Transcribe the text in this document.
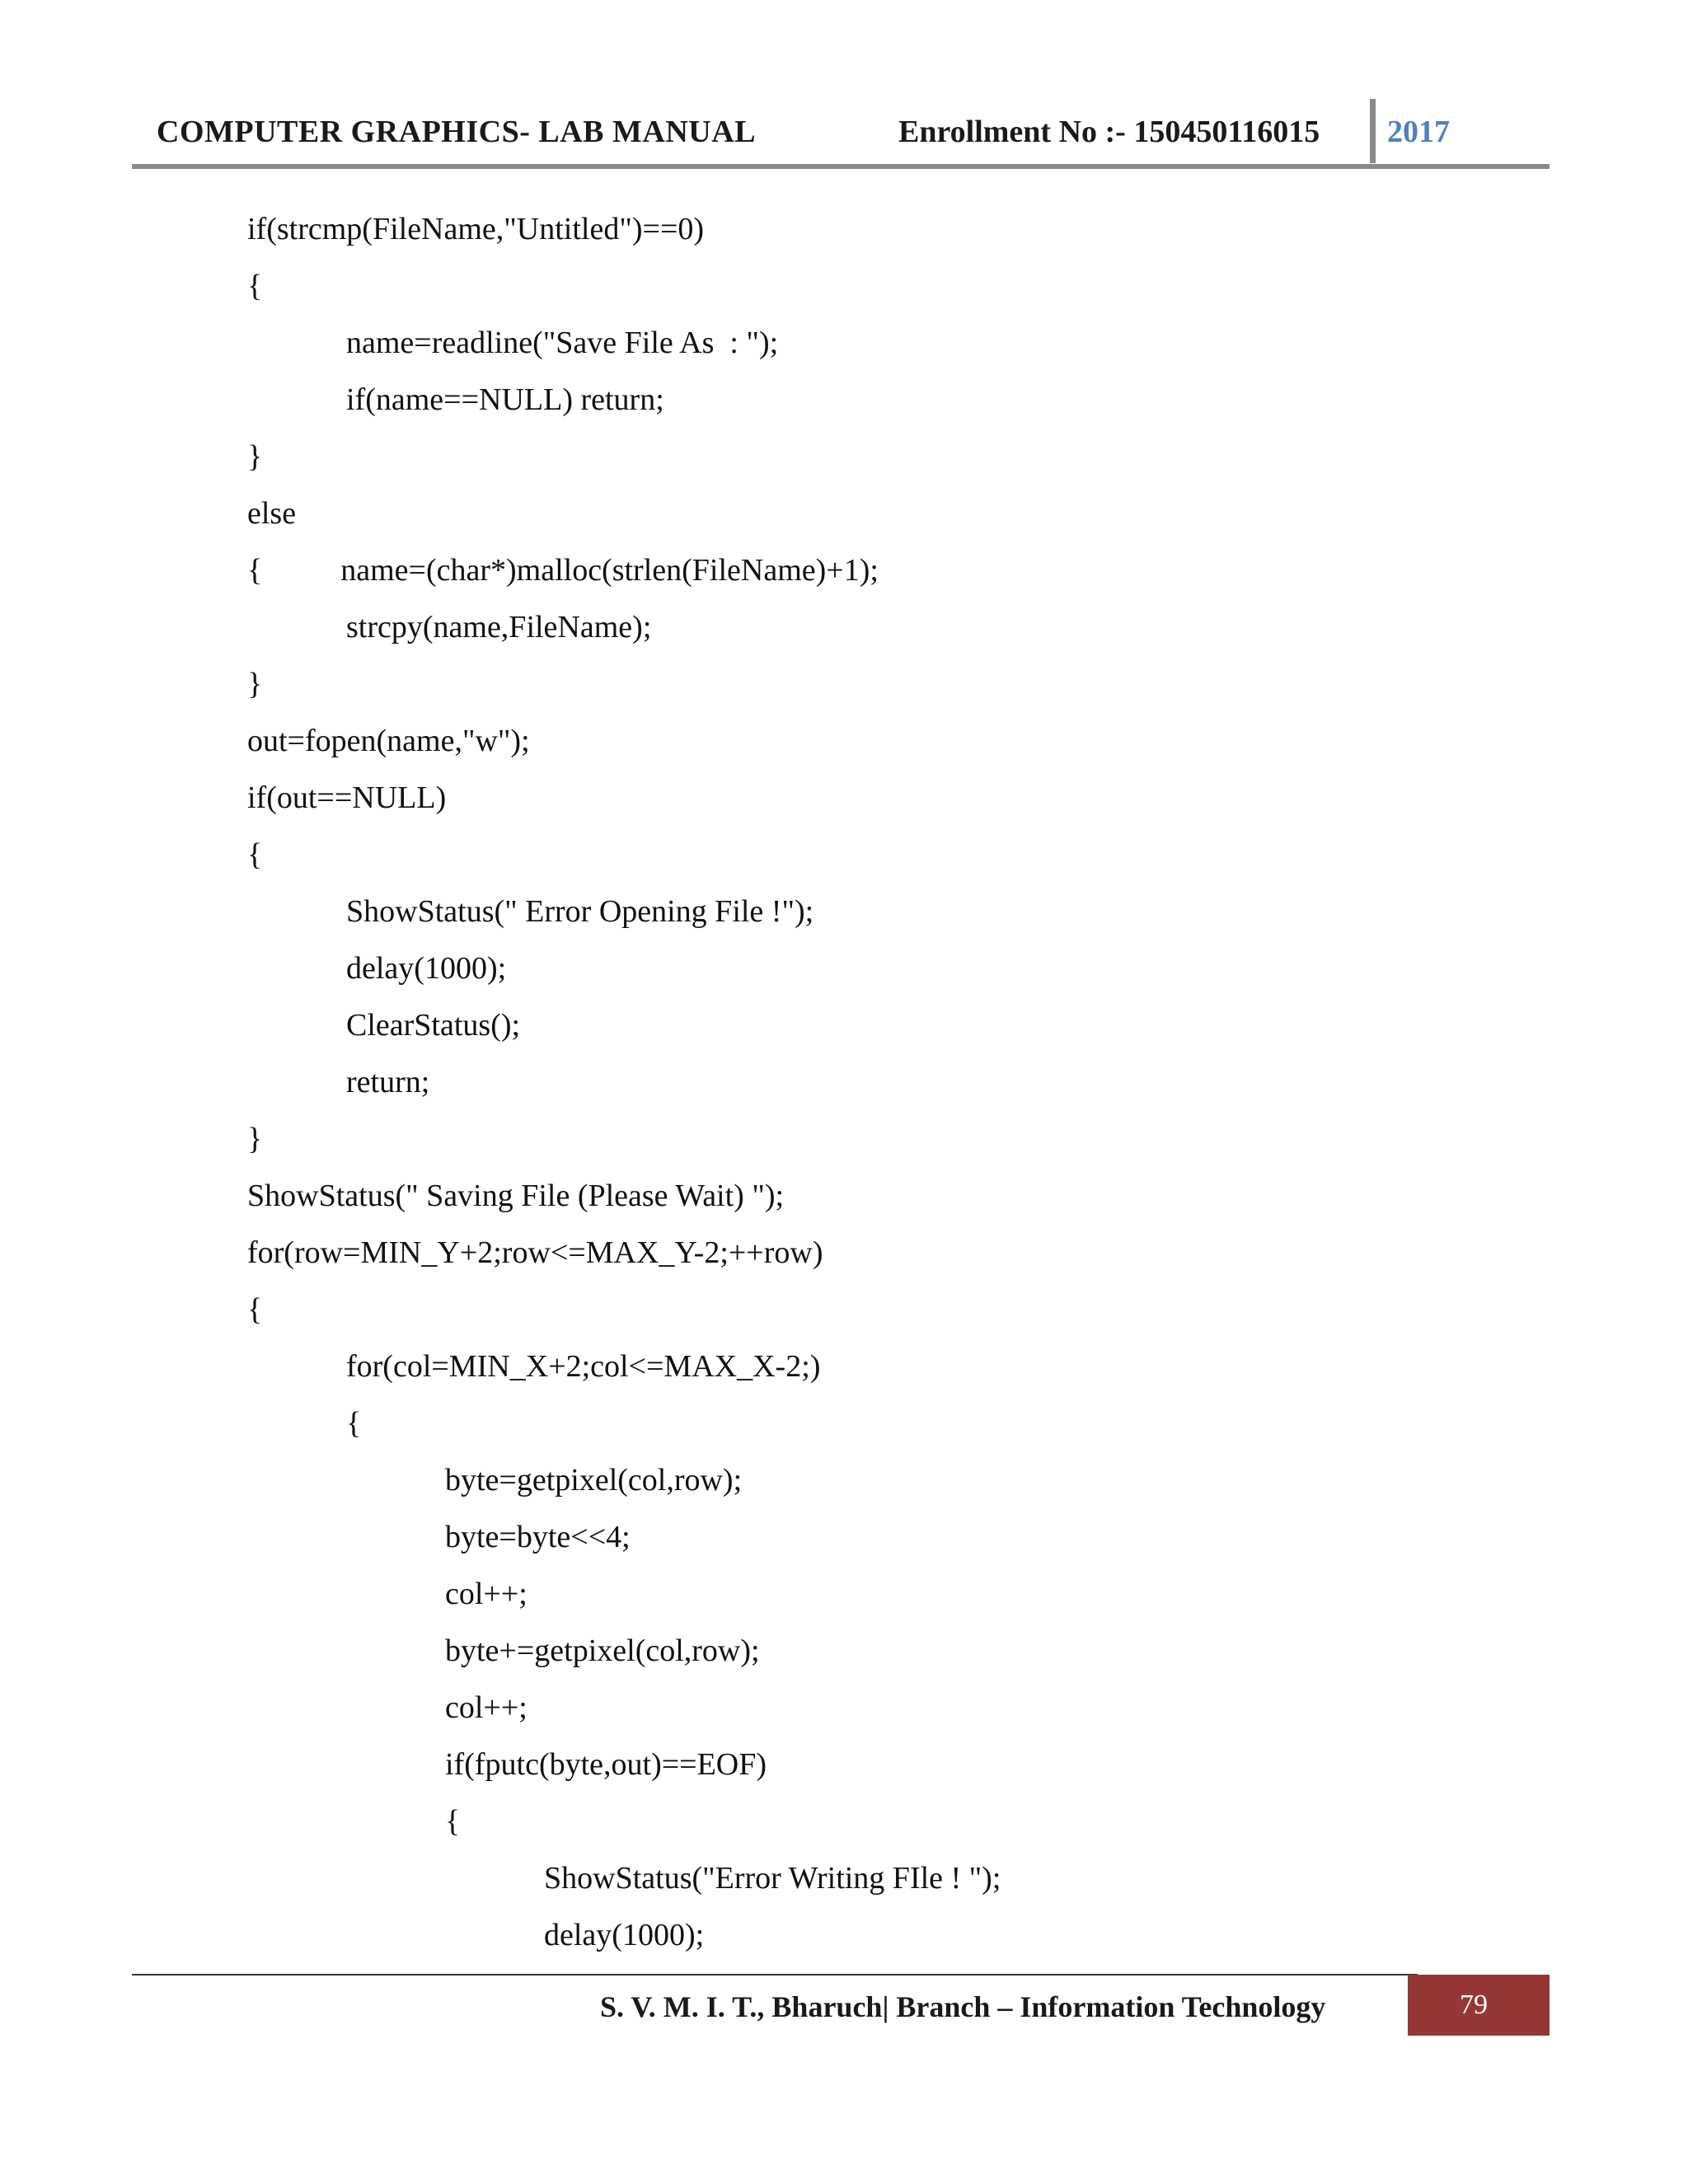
COMPUTER GRAPHICS- LAB MANUAL	Enrollment No :- 150450116015 2017
if(strcmp(FileName,"Untitled")==0)
{
name=readline("Save File As  : ");
if(name==NULL) return;
}
else
{          name=(char*)malloc(strlen(FileName)+1);
strcpy(name,FileName);
}
out=fopen(name,"w");
if(out==NULL)
{
ShowStatus(" Error Opening File !");
delay(1000);
ClearStatus();
return;
}
ShowStatus(" Saving File (Please Wait) ");
for(row=MIN_Y+2;row<=MAX_Y-2;++row)
{
for(col=MIN_X+2;col<=MAX_X-2;)
{
byte=getpixel(col,row);
byte=byte<<4;
col++;
byte+=getpixel(col,row);
col++;
if(fputc(byte,out)==EOF)
{
ShowStatus("Error Writing FIle ! ");
delay(1000);
S. V. M. I. T., Bharuch| Branch – Information Technology	79
